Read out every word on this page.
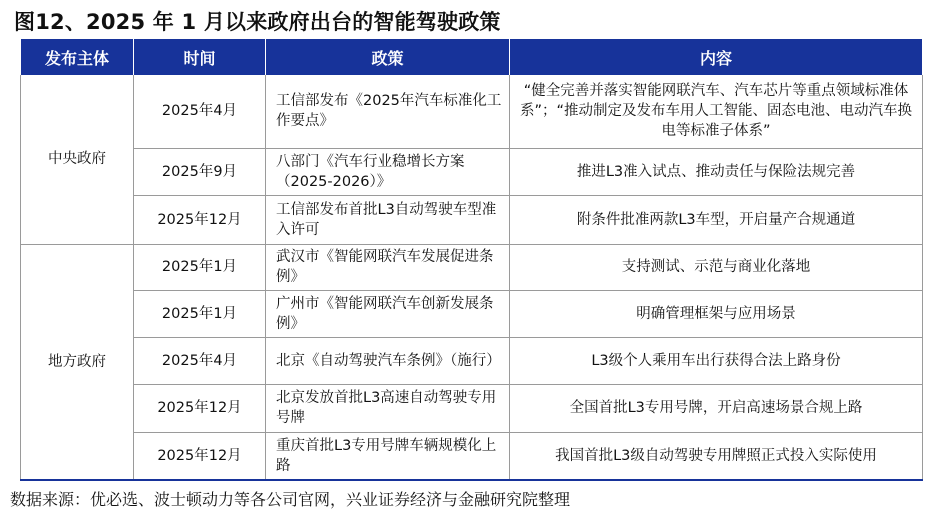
图12、2025 年 1 月以来政府出台的智能驾驶政策
发布主体	时间	政策	内容
中央政府	2025年4月	工信部发布《2025年汽车标准化工作要点》	“健全完善并落实智能网联汽车、汽车芯片等重点领域标准体系”；“推动制定及发布车用人工智能、固态电池、电动汽车换电等标准子体系”
	2025年9月	八部门《汽车行业稳增长方案（2025-2026）》	推进L3准入试点、推动责任与保险法规完善
	2025年12月	工信部发布首批L3自动驾驶车型准入许可	附条件批准两款L3车型，开启量产合规通道
地方政府	2025年1月	武汉市《智能网联汽车发展促进条例》	支持测试、示范与商业化落地
	2025年1月	广州市《智能网联汽车创新发展条例》	明确管理框架与应用场景
	2025年4月	北京《自动驾驶汽车条例》（施行）	L3级个人乘用车出行获得合法上路身份
	2025年12月	北京发放首批L3高速自动驾驶专用号牌	全国首批L3专用号牌，开启高速场景合规上路
	2025年12月	重庆首批L3专用号牌车辆规模化上路	我国首批L3级自动驾驶专用牌照正式投入实际使用
数据来源：优必选、波士顿动力等各公司官网，兴业证券经济与金融研究院整理
